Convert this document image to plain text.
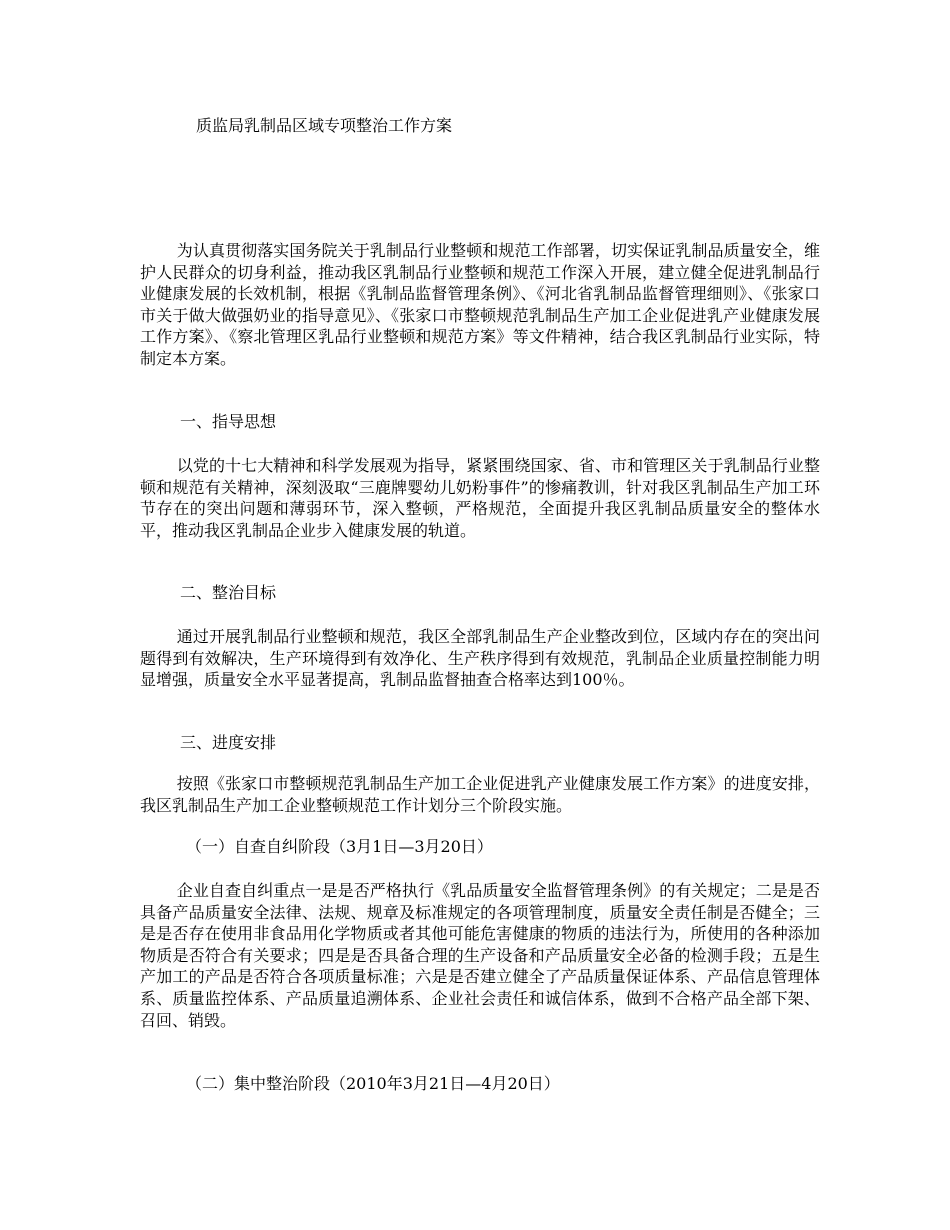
质监局乳制品区域专项整治工作方案

为认真贯彻落实国务院关于乳制品行业整顿和规范工作部署，切实保证乳制品质量安全，维护人民群众的切身利益，推动我区乳制品行业整顿和规范工作深入开展，建立健全促进乳制品行业健康发展的长效机制，根据《乳制品监督管理条例》、《河北省乳制品监督管理细则》、《张家口市关于做大做强奶业的指导意见》、《张家口市整顿规范乳制品生产加工企业促进乳产业健康发展工作方案》、《察北管理区乳品行业整顿和规范方案》等文件精神，结合我区乳制品行业实际，特制定本方案。

一、指导思想

以党的十七大精神和科学发展观为指导，紧紧围绕国家、省、市和管理区关于乳制品行业整顿和规范有关精神，深刻汲取“三鹿牌婴幼儿奶粉事件”的惨痛教训，针对我区乳制品生产加工环节存在的突出问题和薄弱环节，深入整顿，严格规范，全面提升我区乳制品质量安全的整体水平，推动我区乳制品企业步入健康发展的轨道。

二、整治目标

通过开展乳制品行业整顿和规范，我区全部乳制品生产企业整改到位，区域内存在的突出问题得到有效解决，生产环境得到有效净化、生产秩序得到有效规范，乳制品企业质量控制能力明显增强，质量安全水平显著提高，乳制品监督抽查合格率达到100％。

三、进度安排

按照《张家口市整顿规范乳制品生产加工企业促进乳产业健康发展工作方案》的进度安排，我区乳制品生产加工企业整顿规范工作计划分三个阶段实施。

（一）自查自纠阶段（3月1日—3月20日）

企业自查自纠重点一是是否严格执行《乳品质量安全监督管理条例》的有关规定；二是是否具备产品质量安全法律、法规、规章及标准规定的各项管理制度，质量安全责任制是否健全；三是是否存在使用非食品用化学物质或者其他可能危害健康的物质的违法行为，所使用的各种添加物质是否符合有关要求；四是是否具备合理的生产设备和产品质量安全必备的检测手段；五是生产加工的产品是否符合各项质量标准；六是是否建立健全了产品质量保证体系、产品信息管理体系、质量监控体系、产品质量追溯体系、企业社会责任和诚信体系，做到不合格产品全部下架、召回、销毁。

（二）集中整治阶段（2010年3月21日—4月20日）
